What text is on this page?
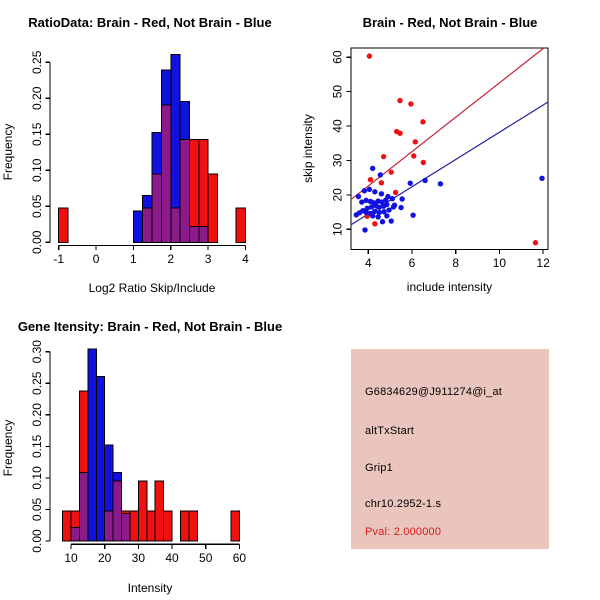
-1 0	1	2	3	4
0.00
0.05
0.10
0.15
0.20
0.25
RatioData: Brain - Red, Not Brain - Blue
Log2 Ratio Skip/Include
Frequency
4	6	8	10	12
10
20
30
40
50
60
Brain - Red, Not Brain - Blue
include intensity
skip intensity
10 20 30 40 50 60
0.00
0.05
0.10
0.15
0.20
0.25
0.30
Gene Itensity: Brain - Red, Not Brain - Blue
Intensity
Frequency
G6834629@J911274@i_at
altTxStart
Grip1
chr10.2952-1.s
Pval: 2.000000
